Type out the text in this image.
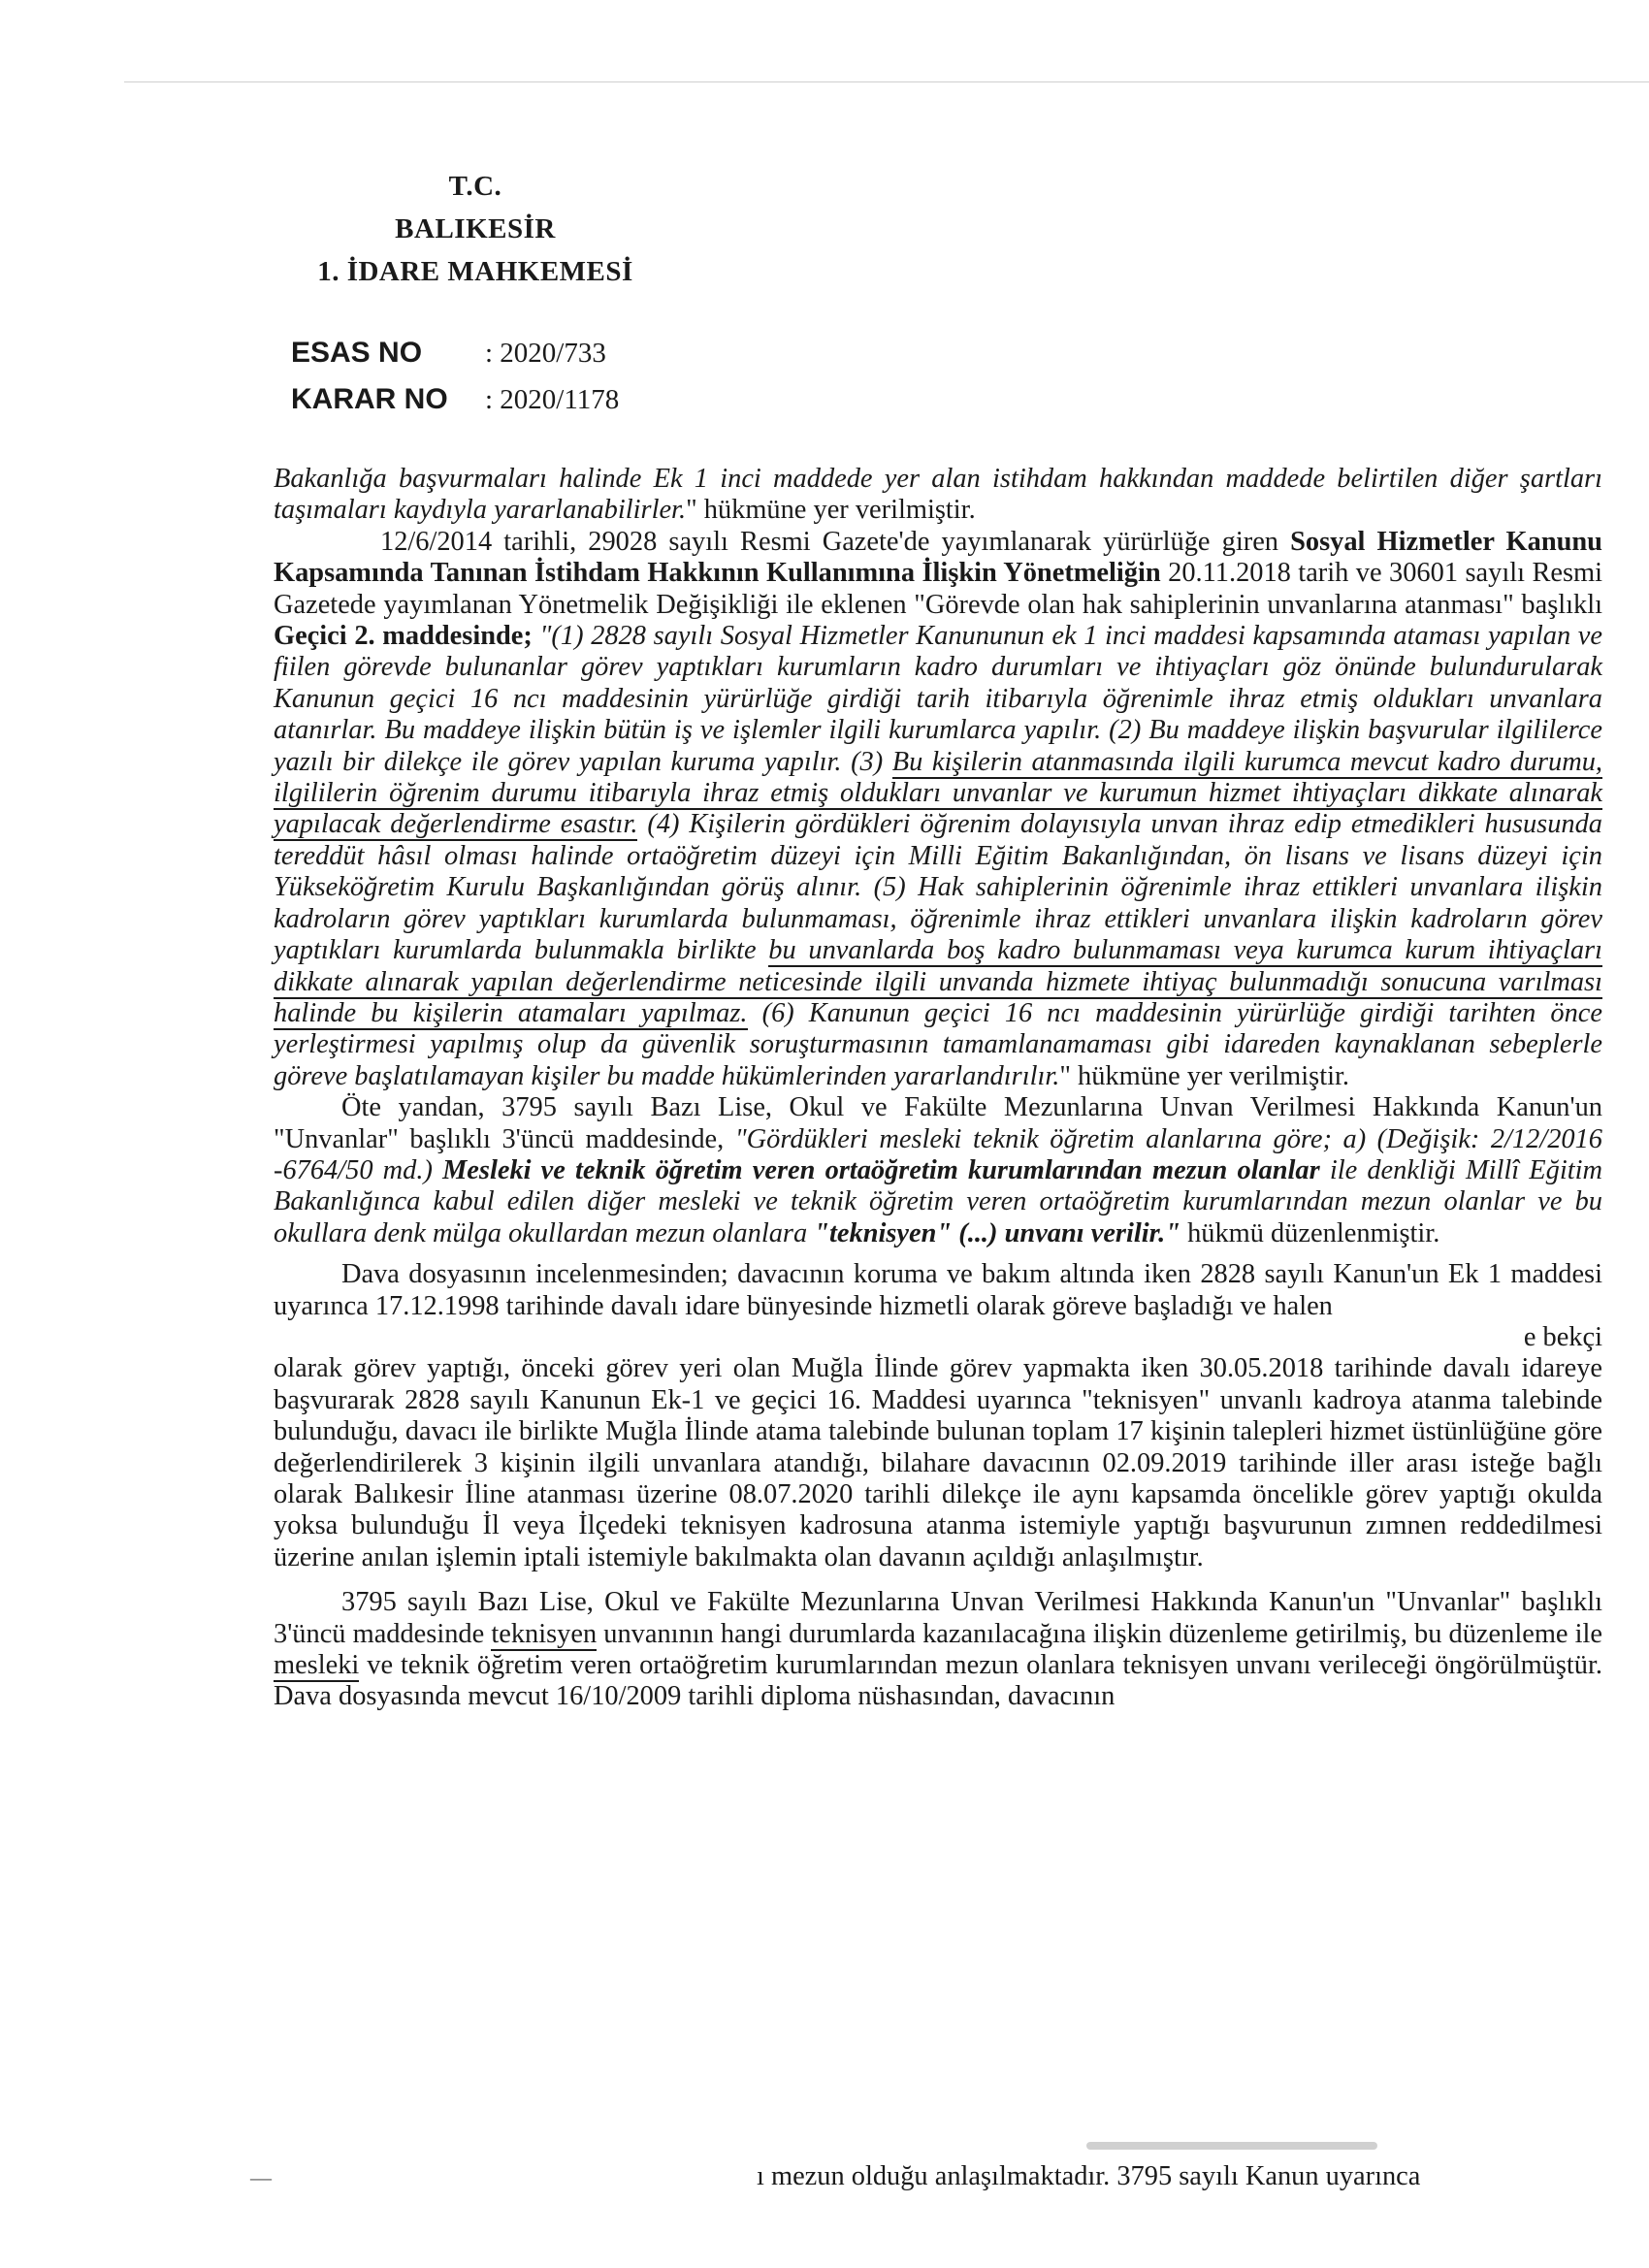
T.C.
BALIKESİR
1. İDARE MAHKEMESİ
ESAS NO	: 2020/733
KARAR NO	: 2020/1178

Bakanlığa başvurmaları halinde Ek 1 inci maddede yer alan istihdam hakkından maddede belirtilen diğer şartları taşımaları kaydıyla yararlanabilirler." hükmüne yer verilmiştir.

12/6/2014 tarihli, 29028 sayılı Resmi Gazete'de yayımlanarak yürürlüğe giren Sosyal Hizmetler Kanunu Kapsamında Tanınan İstihdam Hakkının Kullanımına İlişkin Yönetmeliğin 20.11.2018 tarih ve 30601 sayılı Resmi Gazetede yayımlanan Yönetmelik Değişikliği ile eklenen "Görevde olan hak sahiplerinin unvanlarına atanması" başlıklı Geçici 2. maddesinde; "(1) 2828 sayılı Sosyal Hizmetler Kanununun ek 1 inci maddesi kapsamında ataması yapılan ve fiilen görevde bulunanlar görev yaptıkları kurumların kadro durumları ve ihtiyaçları göz önünde bulundurularak Kanunun geçici 16 ncı maddesinin yürürlüğe girdiği tarih itibarıyla öğrenimle ihraz etmiş oldukları unvanlara atanırlar. Bu maddeye ilişkin bütün iş ve işlemler ilgili kurumlarca yapılır. (2) Bu maddeye ilişkin başvurular ilgililerce yazılı bir dilekçe ile görev yapılan kuruma yapılır. (3) Bu kişilerin atanmasında ilgili kurumca mevcut kadro durumu, ilgililerin öğrenim durumu itibarıyla ihraz etmiş oldukları unvanlar ve kurumun hizmet ihtiyaçları dikkate alınarak yapılacak değerlendirme esastır. (4) Kişilerin gördükleri öğrenim dolayısıyla unvan ihraz edip etmedikleri hususunda tereddüt hâsıl olması halinde ortaöğretim düzeyi için Milli Eğitim Bakanlığından, ön lisans ve lisans düzeyi için Yükseköğretim Kurulu Başkanlığından görüş alınır. (5) Hak sahiplerinin öğrenimle ihraz ettikleri unvanlara ilişkin kadroların görev yaptıkları kurumlarda bulunmaması, öğrenimle ihraz ettikleri unvanlara ilişkin kadroların görev yaptıkları kurumlarda bulunmakla birlikte bu unvanlarda boş kadro bulunmaması veya kurumca kurum ihtiyaçları dikkate alınarak yapılan değerlendirme neticesinde ilgili unvanda hizmete ihtiyaç bulunmadığı sonucuna varılması halinde bu kişilerin atamaları yapılmaz. (6) Kanunun geçici 16 ncı maddesinin yürürlüğe girdiği tarihten önce yerleştirmesi yapılmış olup da güvenlik soruşturmasının tamamlanamaması gibi idareden kaynaklanan sebeplerle göreve başlatılamayan kişiler bu madde hükümlerinden yararlandırılır." hükmüne yer verilmiştir.

Öte yandan, 3795 sayılı Bazı Lise, Okul ve Fakülte Mezunlarına Unvan Verilmesi Hakkında Kanun'un "Unvanlar" başlıklı 3'üncü maddesinde, "Gördükleri mesleki teknik öğretim alanlarına göre; a) (Değişik: 2/12/2016 -6764/50 md.) Mesleki ve teknik öğretim veren ortaöğretim kurumlarından mezun olanlar ile denkliği Millî Eğitim Bakanlığınca kabul edilen diğer mesleki ve teknik öğretim veren ortaöğretim kurumlarından mezun olanlar ve bu okullara denk mülga okullardan mezun olanlara "teknisyen" (...) unvanı verilir." hükmü düzenlenmiştir.

Dava dosyasının incelenmesinden; davacının koruma ve bakım altında iken 2828 sayılı Kanun'un Ek 1 maddesi uyarınca 17.12.1998 tarihinde davalı idare bünyesinde hizmetli olarak göreve başladığı ve halen

e bekçi

olarak görev yaptığı, önceki görev yeri olan Muğla İlinde görev yapmakta iken 30.05.2018 tarihinde davalı idareye başvurarak 2828 sayılı Kanunun Ek-1 ve geçici 16. Maddesi uyarınca "teknisyen" unvanlı kadroya atanma talebinde bulunduğu, davacı ile birlikte Muğla İlinde atama talebinde bulunan toplam 17 kişinin talepleri hizmet üstünlüğüne göre değerlendirilerek 3 kişinin ilgili unvanlara atandığı, bilahare davacının 02.09.2019 tarihinde iller arası isteğe bağlı olarak Balıkesir İline atanması üzerine 08.07.2020 tarihli dilekçe ile aynı kapsamda öncelikle görev yaptığı okulda yoksa bulunduğu İl veya İlçedeki teknisyen kadrosuna atanma istemiyle yaptığı başvurunun zımnen reddedilmesi üzerine anılan işlemin iptali istemiyle bakılmakta olan davanın açıldığı anlaşılmıştır.

3795 sayılı Bazı Lise, Okul ve Fakülte Mezunlarına Unvan Verilmesi Hakkında Kanun'un "Unvanlar" başlıklı 3'üncü maddesinde teknisyen unvanının hangi durumlarda kazanılacağına ilişkin düzenleme getirilmiş, bu düzenleme ile mesleki ve teknik öğretim veren ortaöğretim kurumlarından mezun olanlara teknisyen unvanı verileceği öngörülmüştür. Dava dosyasında mevcut 16/10/2009 tarihli diploma nüshasından, davacının

—	ı mezun olduğu anlaşılmaktadır. 3795 sayılı Kanun uyarınca
